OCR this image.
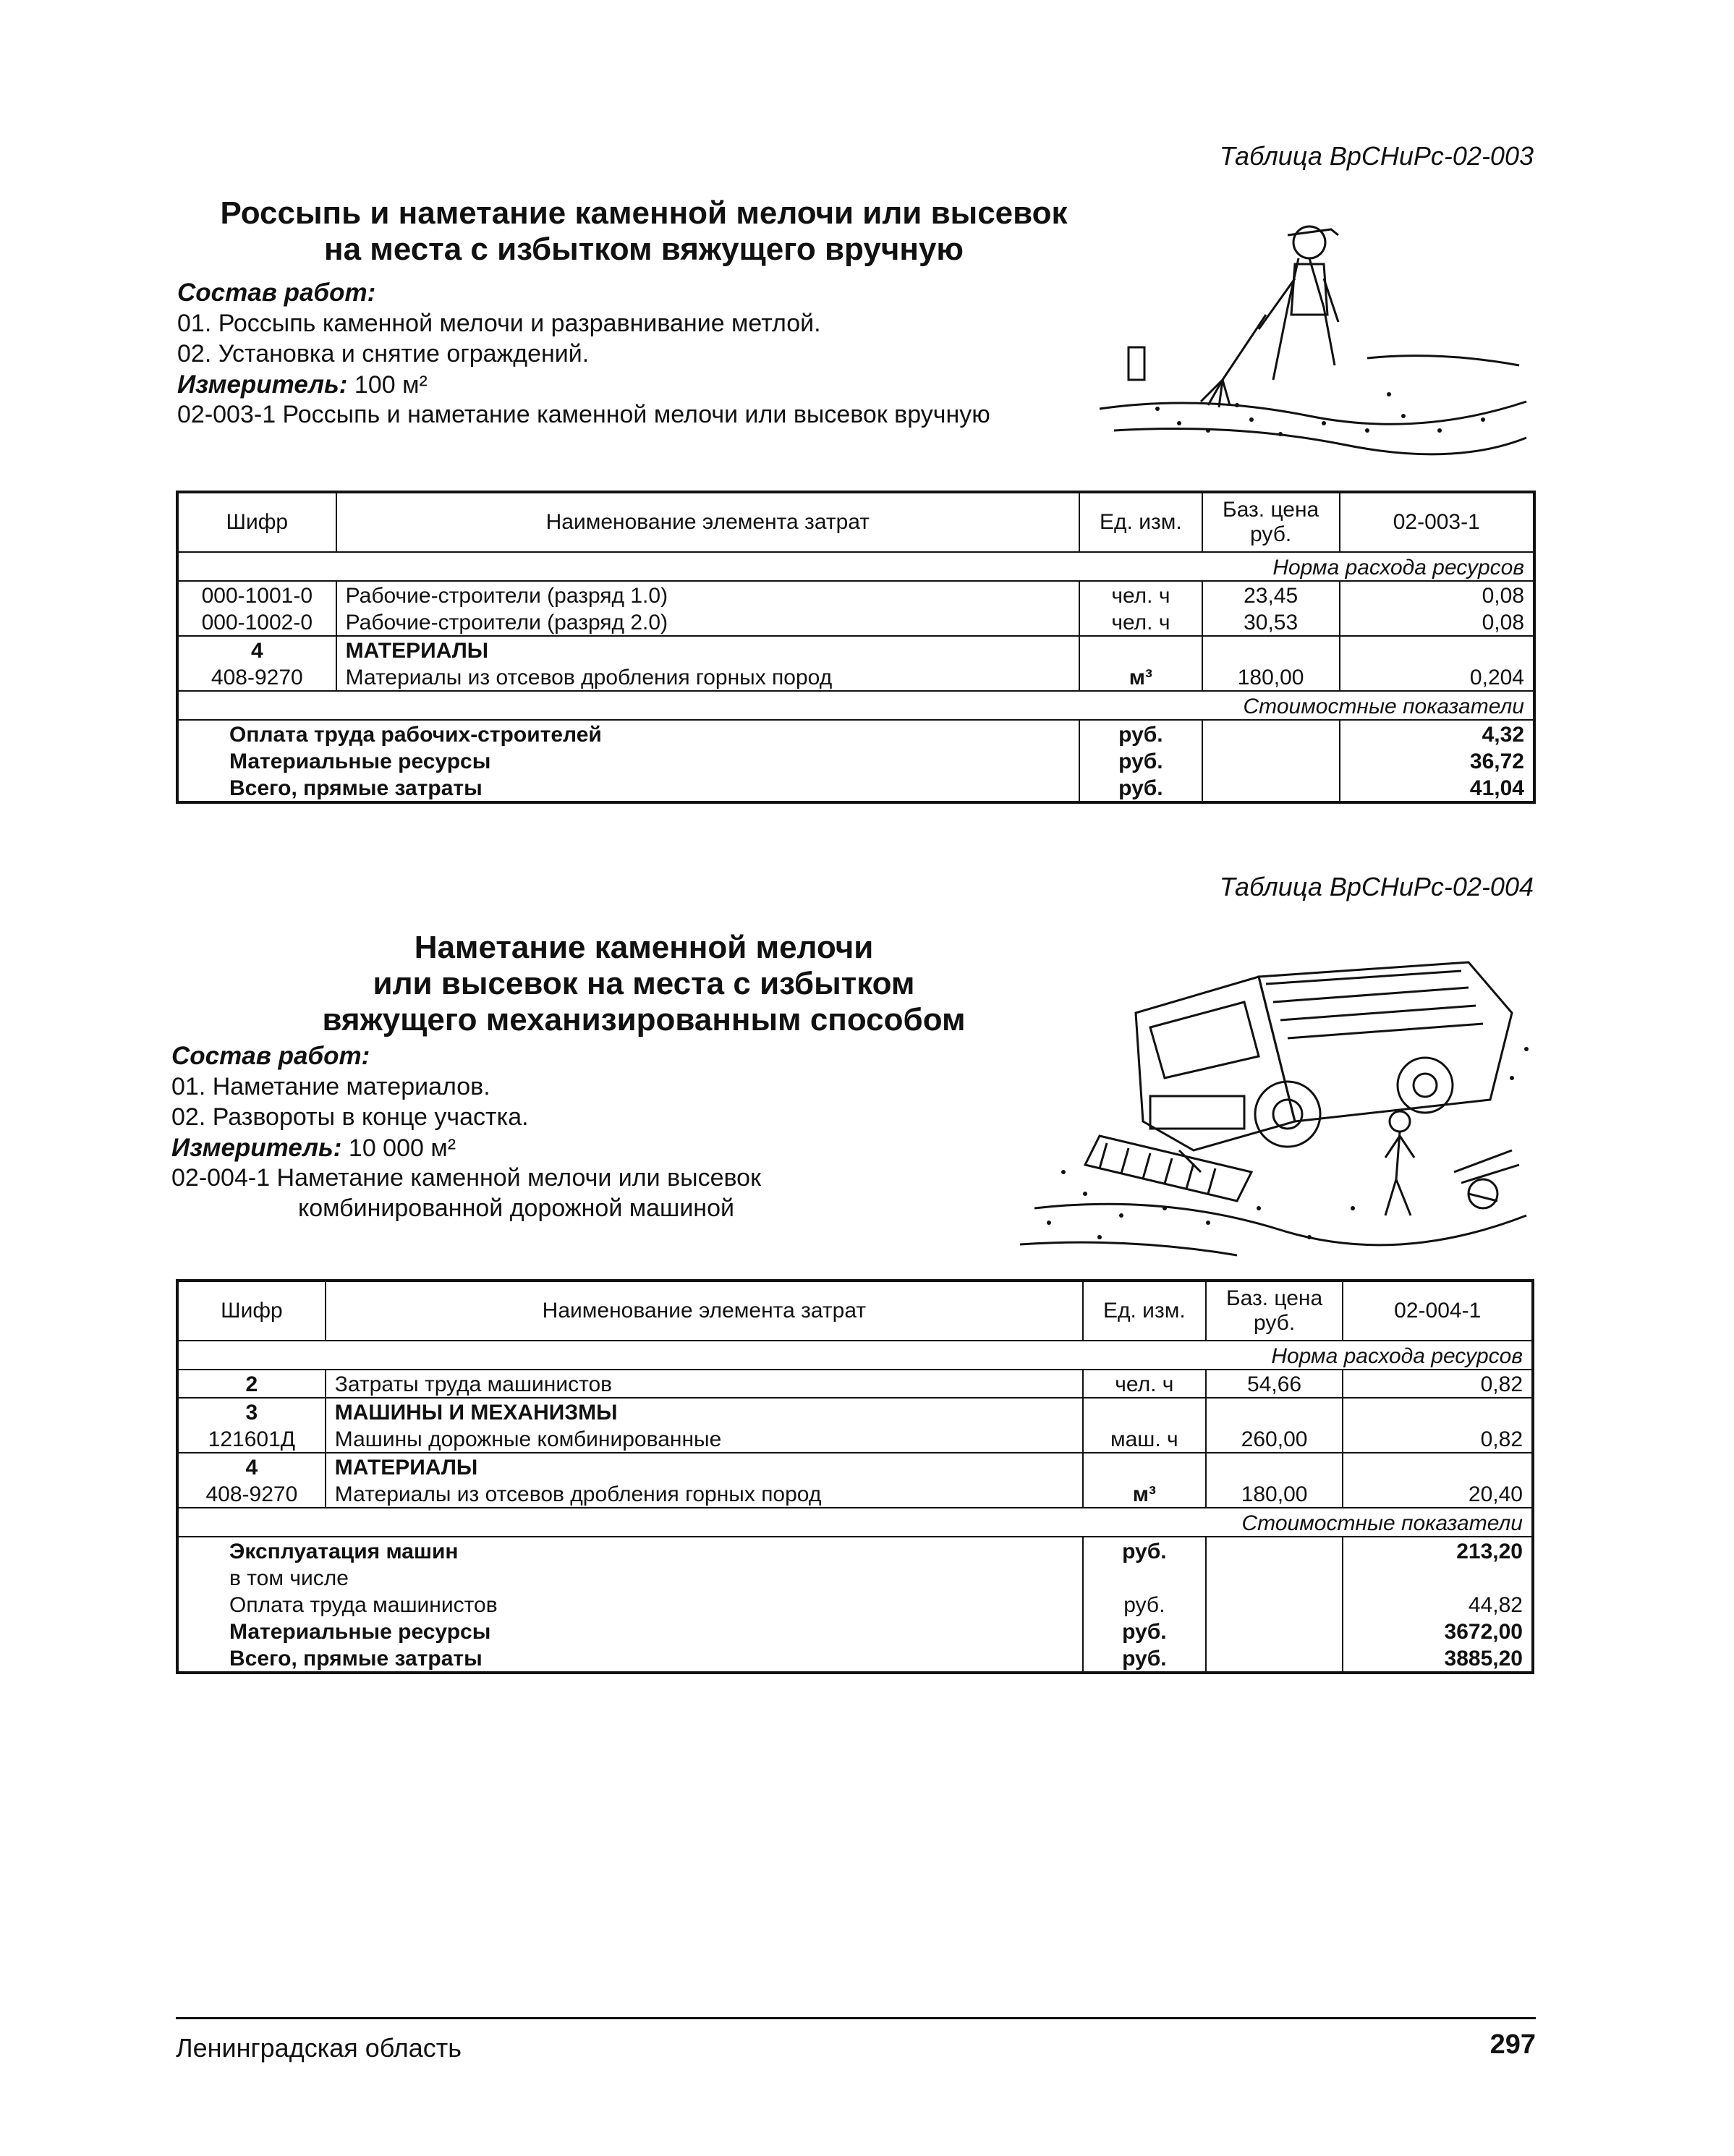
Таблица ВрСНиРс-02-003
Россыпь и наметание каменной мелочи или высевок
на места с избытком вяжущего вручную
Состав работ:
01. Россыпь каменной мелочи и разравнивание метлой.
02. Установка и снятие ограждений.
Измеритель: 100 м²
02-003-1 Россыпь и наметание каменной мелочи или высевок вручную
Шифр	Наименование элемента затрат	Ед. изм.	Баз. цена руб.	02-003-1
Норма расхода ресурсов				
000-1001-0	Рабочие-строители (разряд 1.0)	чел. ч	23,45	0,08
000-1002-0	Рабочие-строители (разряд 2.0)	чел. ч	30,53	0,08
4	МАТЕРИАЛЫ			
408-9270	Материалы из отсевов дробления горных пород	м³	180,00	0,204
Стоимостные показатели				
Оплата труда рабочих-строителей		руб.		4,32
Материальные ресурсы		руб.		36,72
Всего, прямые затраты		руб.		41,04
Таблица ВрСНиРс-02-004
Наметание каменной мелочи
или высевок на места с избытком
вяжущего механизированным способом
Состав работ:
01. Наметание материалов.
02. Развороты в конце участка.
Измеритель: 10 000 м²
02-004-1 Наметание каменной мелочи или высевок
комбинированной дорожной машиной
Шифр	Наименование элемента затрат	Ед. изм.	Баз. цена руб.	02-004-1
Норма расхода ресурсов				
2	Затраты труда машинистов	чел. ч	54,66	0,82
3	МАШИНЫ И МЕХАНИЗМЫ			
121601Д	Машины дорожные комбинированные	маш. ч	260,00	0,82
4	МАТЕРИАЛЫ			
408-9270	Материалы из отсевов дробления горных пород	м³	180,00	20,40
Стоимостные показатели				
Эксплуатация машин		руб.		213,20
в том числе				
Оплата труда машинистов		руб.		44,82
Материальные ресурсы		руб.		3672,00
Всего, прямые затраты		руб.		3885,20
Ленинградская область	297
